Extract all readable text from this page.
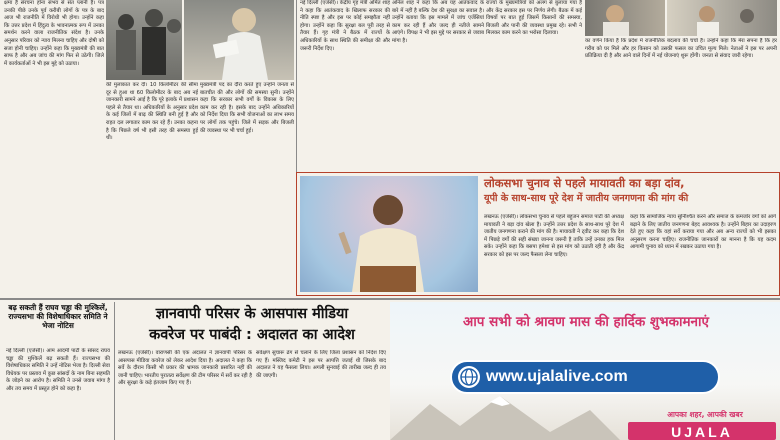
क्षमा है संरचना होना संभव से संत प्लानी है। पत्र उनकी पीछे उनके पूर्व करीबी लोगों के पत्र के बाद आज भी राजनीति में विरोधी भी होगा। उन्होंने कहा कि उत्तर प्रदेश में हिंदुत्व के भावनात्मक रूप में उनका समर्थन करने वाला राजनीतिक संदेश है। उनके अनुसार परिवार को न्याय मिलना चाहिए और दोषी को सजा होनी चाहिए। उन्होंने कहा कि मुख्यमंत्री की बात साफ है और अब जांच की मांग फिर से उठेगी। जिले में कार्यकर्ताओं ने भी इस मुद्दे को उठाया।

की मुलाकात कर दी। 10 किलोमीटर की सीमा दूर से हुआ था 60 किलोमीटर के बाद अब नई जानकारी सामने आई है कि पूरे इलाके में प्रशासन पहले से तैयार था। अधिकारियों के अनुसार प्रदेश के कई जिलों में बाढ़ की स्थिति बनी हुई है और राहत दल लगातार काम कर रहे हैं। उनका कहना है कि पिछले वर्ष भी इसी तरह की समस्या हुई थी।

मुख्यमंत्री पद का दौरा करते हुए उन्होंने जनता से बातचीत की और लोगों की समस्या सुनी। उन्होंने कहा कि सरकार सभी वर्गों के विकास के लिए काम कर रही है। इसके बाद उन्होंने अधिकारियों को निर्देश दिया कि सभी योजनाओं का लाभ समय पर लोगों तक पहुंचे। जिले में सड़क और बिजली की व्यवस्था पर भी चर्चा हुई।

नई दिल्ली (एजेंसी)। केंद्रीय गृह मंत्री अमित शाह ने कहा कि आतंकवाद के खिलाफ सरकार की नीति स्पष्ट है और इस पर कोई समझौता नहीं होगा। उन्होंने कहा कि सुरक्षा बल पूरी तरह से तैयार हैं। गृह मंत्री ने बैठक में राज्यों के अधिकारियों के साथ स्थिति की समीक्षा की और जरूरी निर्देश दिए।

अनिल शाह ने कहा कि अब यह आतंकवाद के बारे में नहीं है बल्कि देश की सुरक्षा का सवाल है। उन्होंने बताया कि इस मामले में जांच एजेंसियां काम कर रही हैं और जल्द ही नतीजे सामने आएंगे। विपक्ष ने भी इस मुद्दे पर सरकार से जवाब मांगा है।

राज्यों के मुख्यमंत्रियों को अलग से बुलाया गया है और केंद्र सरकार इस पर निर्णय लेगी। बैठक में कई विषयों पर बात हुई जिसमें किसानों की समस्या, बिजली और पानी की व्यवस्था प्रमुख रहे। सभी ने मिलकर काम करने का भरोसा दिलाया।

का वर्णन किया है कि प्रदेश में राजनीतिक बदलाव की चर्चा है। उन्होंने कहा कि मेरा सपना है कि हर गरीब को घर मिले और हर किसान को उसकी फसल का उचित मूल्य मिले। नेताओं ने इस पर अपनी प्रतिक्रिया दी है और आने वाले दिनों में नई योजनाएं शुरू होंगी। जनता से संवाद जारी रहेगा।

लोकसभा चुनाव से पहले मायावती का बड़ा दांव,
यूपी के साथ-साथ पूरे देश में जातीय जनगणना की मांग की

लखनऊ (एजेंसी)। लोकसभा चुनाव से पहले बहुजन समाज पार्टी की अध्यक्ष मायावती ने बड़ा दांव खेला है। उन्होंने उत्तर प्रदेश के साथ-साथ पूरे देश में जातीय जनगणना कराने की मांग की है। मायावती ने ट्वीट कर कहा कि देश में पिछड़े वर्गों की सही संख्या जानना जरूरी है ताकि उन्हें उनका हक मिल सके। उन्होंने कहा कि बसपा हमेशा से इस मांग को उठाती रही है और केंद्र सरकार को इस पर जल्द फैसला लेना चाहिए।

कहा कि सामाजिक न्याय सुनिश्चित करने और समाज के कमजोर वर्गों को आगे बढ़ाने के लिए जातीय जनगणना बेहद आवश्यक है। उन्होंने बिहार का उदाहरण देते हुए कहा कि वहां सर्वे कराया गया और अब अन्य राज्यों को भी इसका अनुसरण करना चाहिए। राजनीतिक जानकारों का मानना है कि यह कदम आगामी चुनाव को ध्यान में रखकर उठाया गया है।

बढ़ सकती हैं राघव चड्ढा की मुश्किलें, राज्यसभा की विशेषाधिकार समिति ने भेजा नोटिस

नई दिल्ली (एजेंसी)। आम आदमी पार्टी के सांसद राघव चड्ढा की मुश्किलें बढ़ सकती हैं। राज्यसभा की विशेषाधिकार समिति ने उन्हें नोटिस भेजा है। दिल्ली सेवा विधेयक पर प्रस्ताव में कुछ सांसदों के नाम बिना सहमति के जोड़ने का आरोप है। समिति ने उनसे जवाब मांगा है और तय समय में प्रस्तुत होने को कहा है।

ज्ञानवापी परिसर के आसपास मीडिया
कवरेज पर पाबंदी : अदालत का आदेश

लखनऊ (एजेंसी)। वाराणसी की एक अदालत ने ज्ञानवापी परिसर के आसपास मीडिया कवरेज को लेकर आदेश दिया है। अदालत ने कहा कि सर्वे के दौरान किसी भी प्रकार की भ्रामक जानकारी प्रसारित नहीं की जानी चाहिए। भारतीय पुरातत्व सर्वेक्षण की टीम परिसर में सर्वे कर रही है और सुरक्षा के कड़े इंतजाम किए गए हैं।

सर्वेक्षण सुचारू ढंग से चलाने के लिए जिला प्रशासन को निर्देश दिए गए हैं। मस्जिद कमेटी ने इस पर आपत्ति जताई थी जिसके बाद अदालत ने यह फैसला लिया। अगली सुनवाई की तारीख जल्द ही तय की जाएगी।

आप सभी को श्रावण मास की हार्दिक शुभकामनाएं
www.ujalalive.com
आपका शहर, आपकी खबर
UJALA
